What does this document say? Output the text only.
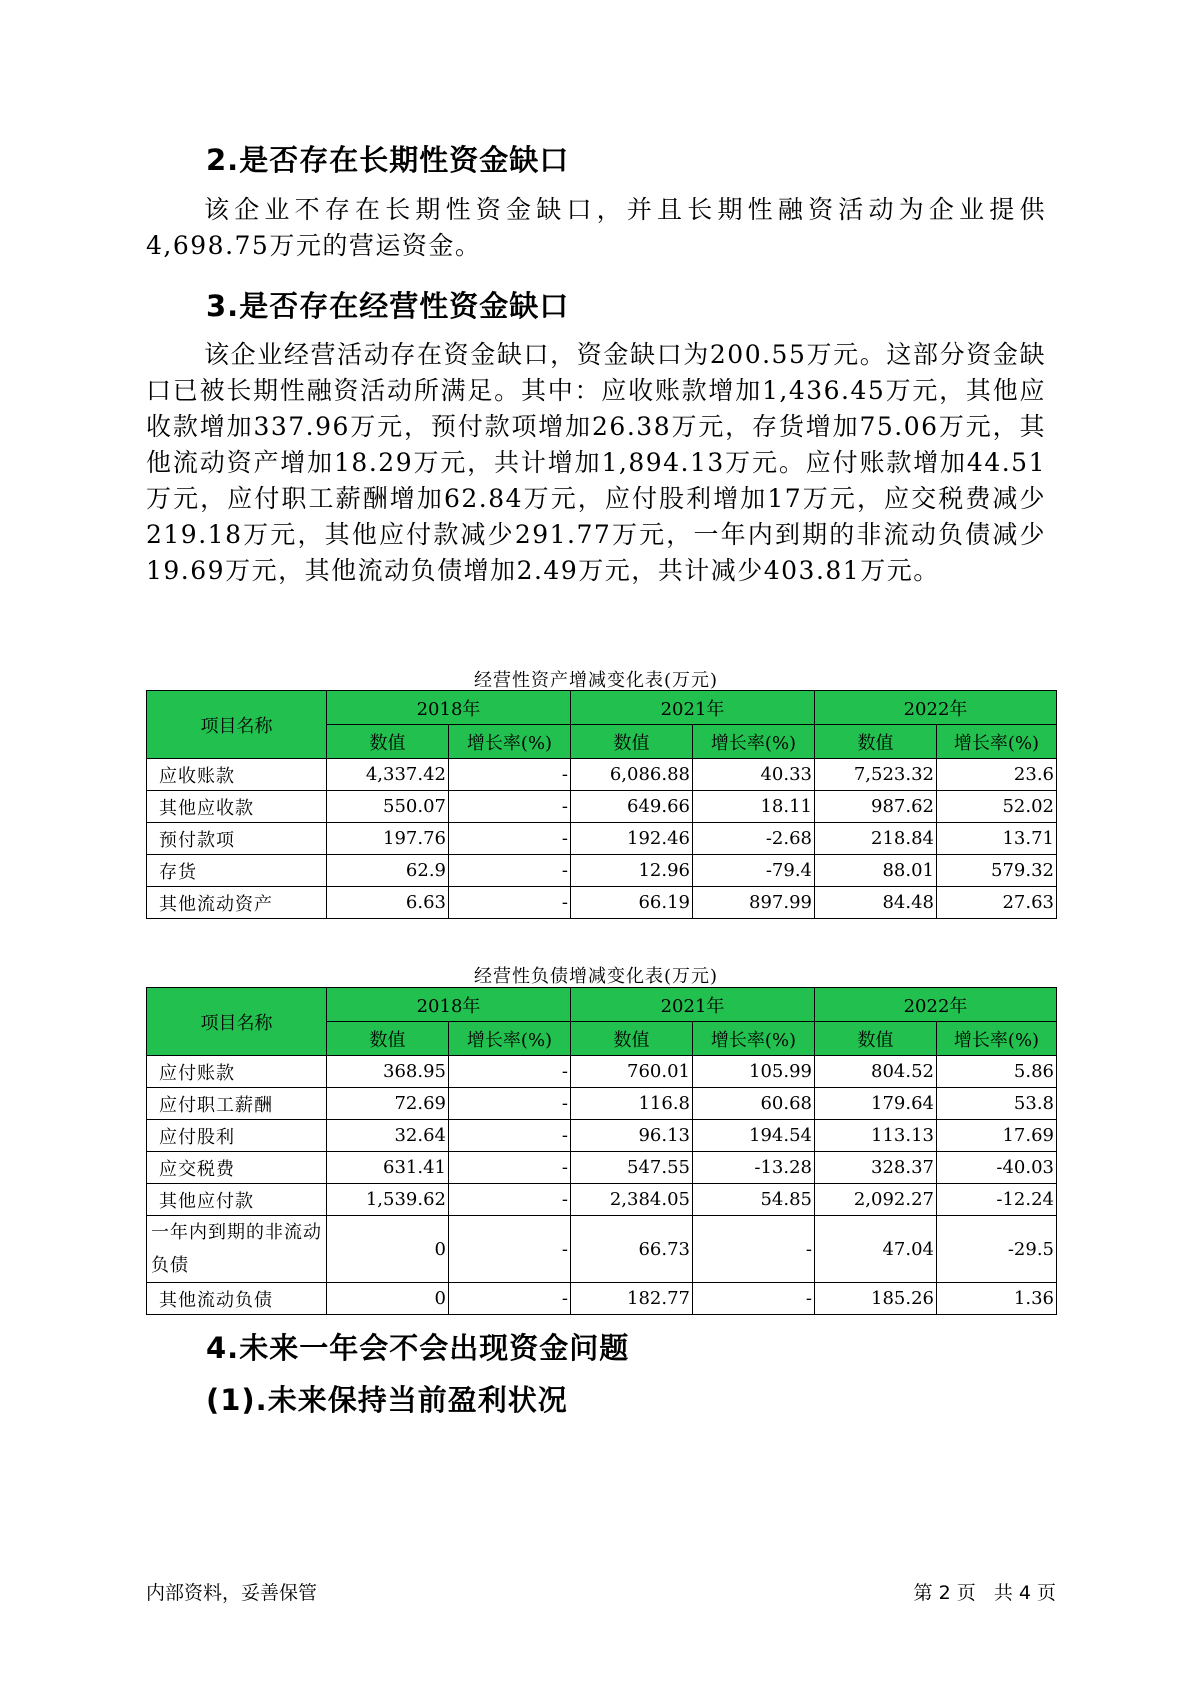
2.是否存在长期性资金缺口

该企业不存在长期性资金缺口，并且长期性融资活动为企业提供4,698.75万元的营运资金。

3.是否存在经营性资金缺口

该企业经营活动存在资金缺口，资金缺口为200.55万元。这部分资金缺口已被长期性融资活动所满足。其中：应收账款增加1,436.45万元，其他应收款增加337.96万元，预付款项增加26.38万元，存货增加75.06万元，其他流动资产增加18.29万元，共计增加1,894.13万元。应付账款增加44.51万元，应付职工薪酬增加62.84万元，应付股利增加17万元，应交税费减少219.18万元，其他应付款减少291.77万元，一年内到期的非流动负债减少19.69万元，其他流动负债增加2.49万元，共计减少403.81万元。

经营性资产增减变化表(万元)
项目名称	2018年		2021年		2022年	
	数值	增长率(%)	数值	增长率(%)	数值	增长率(%)
应收账款	4,337.42	-	6,086.88	40.33	7,523.32	23.6
其他应收款	550.07	-	649.66	18.11	987.62	52.02
预付款项	197.76	-	192.46	-2.68	218.84	13.71
存货	62.9	-	12.96	-79.4	88.01	579.32
其他流动资产	6.63	-	66.19	897.99	84.48	27.63
经营性负债增减变化表(万元)
项目名称	2018年		2021年		2022年	
	数值	增长率(%)	数值	增长率(%)	数值	增长率(%)
应付账款	368.95	-	760.01	105.99	804.52	5.86
应付职工薪酬	72.69	-	116.8	60.68	179.64	53.8
应付股利	32.64	-	96.13	194.54	113.13	17.69
应交税费	631.41	-	547.55	-13.28	328.37	-40.03
其他应付款	1,539.62	-	2,384.05	54.85	2,092.27	-12.24
一年内到期的非流动负债	0	-	66.73	-	47.04	-29.5
其他流动负债	0	-	182.77	-	185.26	1.36
4.未来一年会不会出现资金问题
(1).未来保持当前盈利状况
内部资料，妥善保管	第 2 页   共 4 页
